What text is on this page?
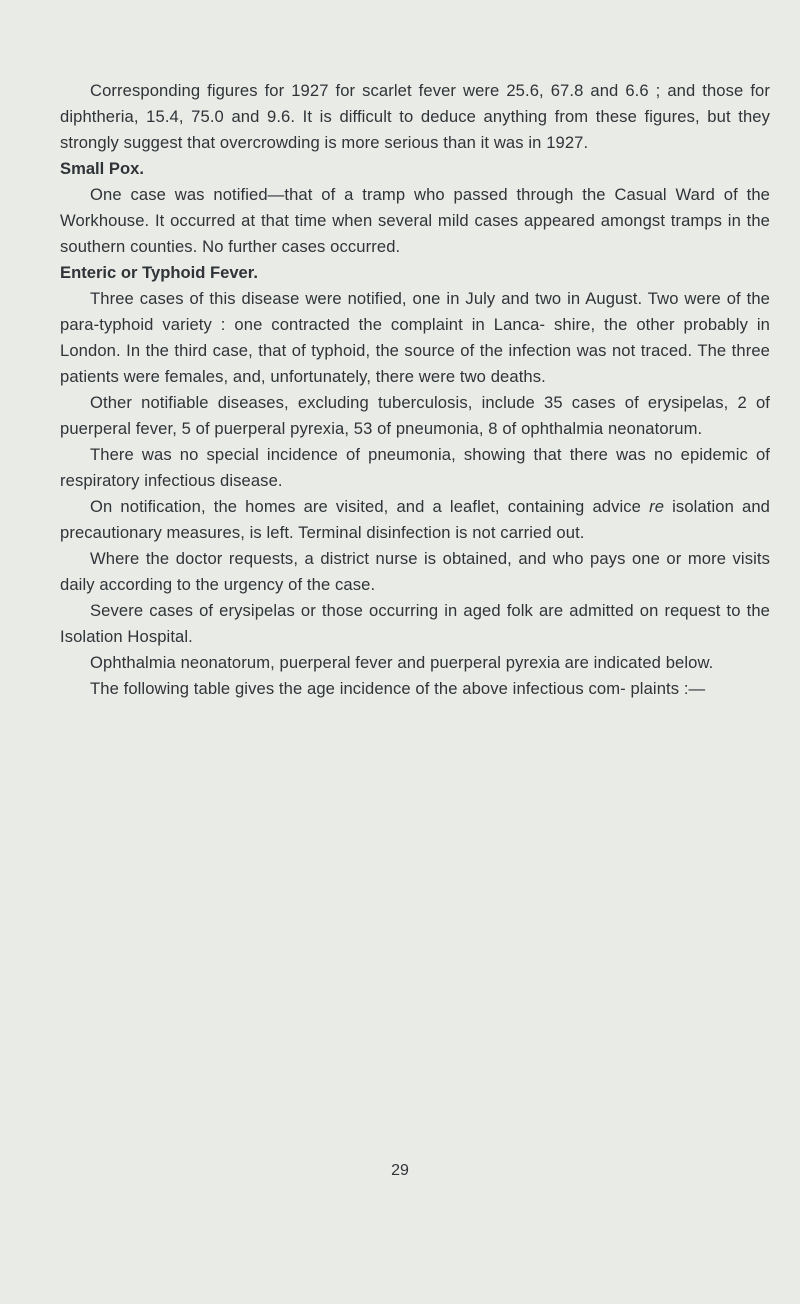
Corresponding figures for 1927 for scarlet fever were 25.6, 67.8 and 6.6 ; and those for diphtheria, 15.4, 75.0 and 9.6. It is difficult to deduce anything from these figures, but they strongly suggest that overcrowding is more serious than it was in 1927.

Small Pox.

One case was notified—that of a tramp who passed through the Casual Ward of the Workhouse. It occurred at that time when several mild cases appeared amongst tramps in the southern counties. No further cases occurred.

Enteric or Typhoid Fever.

Three cases of this disease were notified, one in July and two in August. Two were of the para-typhoid variety : one contracted the complaint in Lanca- shire, the other probably in London. In the third case, that of typhoid, the source of the infection was not traced. The three patients were females, and, unfortunately, there were two deaths.

Other notifiable diseases, excluding tuberculosis, include 35 cases of erysipelas, 2 of puerperal fever, 5 of puerperal pyrexia, 53 of pneumonia, 8 of ophthalmia neonatorum.

There was no special incidence of pneumonia, showing that there was no epidemic of respiratory infectious disease.

On notification, the homes are visited, and a leaflet, containing advice re isolation and precautionary measures, is left. Terminal disinfection is not carried out.

Where the doctor requests, a district nurse is obtained, and who pays one or more visits daily according to the urgency of the case.

Severe cases of erysipelas or those occurring in aged folk are admitted on request to the Isolation Hospital.

Ophthalmia neonatorum, puerperal fever and puerperal pyrexia are indicated below.

The following table gives the age incidence of the above infectious com- plaints :—

29
